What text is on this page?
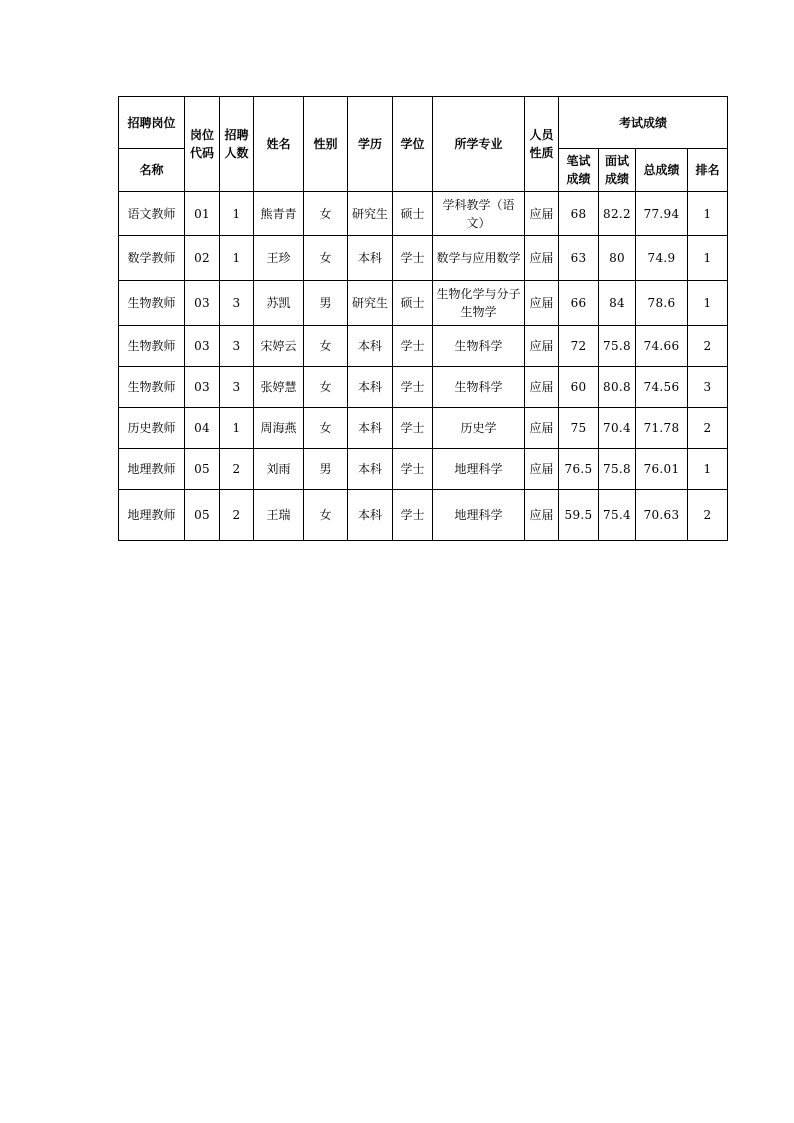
招聘岗位	岗位代码	招聘人数	姓名	性别	学历	学位	所学专业	人员性质	考试成绩			
名称									笔试成绩	面试成绩	总成绩	排名
语文教师	01	1	熊青青	女	研究生	硕士	学科教学（语文）	应届	68	82.2	77.94	1
数学教师	02	1	王珍	女	本科	学士	数学与应用数学	应届	63	80	74.9	1
生物教师	03	3	苏凯	男	研究生	硕士	生物化学与分子生物学	应届	66	84	78.6	1
生物教师	03	3	宋婷云	女	本科	学士	生物科学	应届	72	75.8	74.66	2
生物教师	03	3	张婷慧	女	本科	学士	生物科学	应届	60	80.8	74.56	3
历史教师	04	1	周海燕	女	本科	学士	历史学	应届	75	70.4	71.78	2
地理教师	05	2	刘雨	男	本科	学士	地理科学	应届	76.5	75.8	76.01	1
地理教师	05	2	王瑞	女	本科	学士	地理科学	应届	59.5	75.4	70.63	2
